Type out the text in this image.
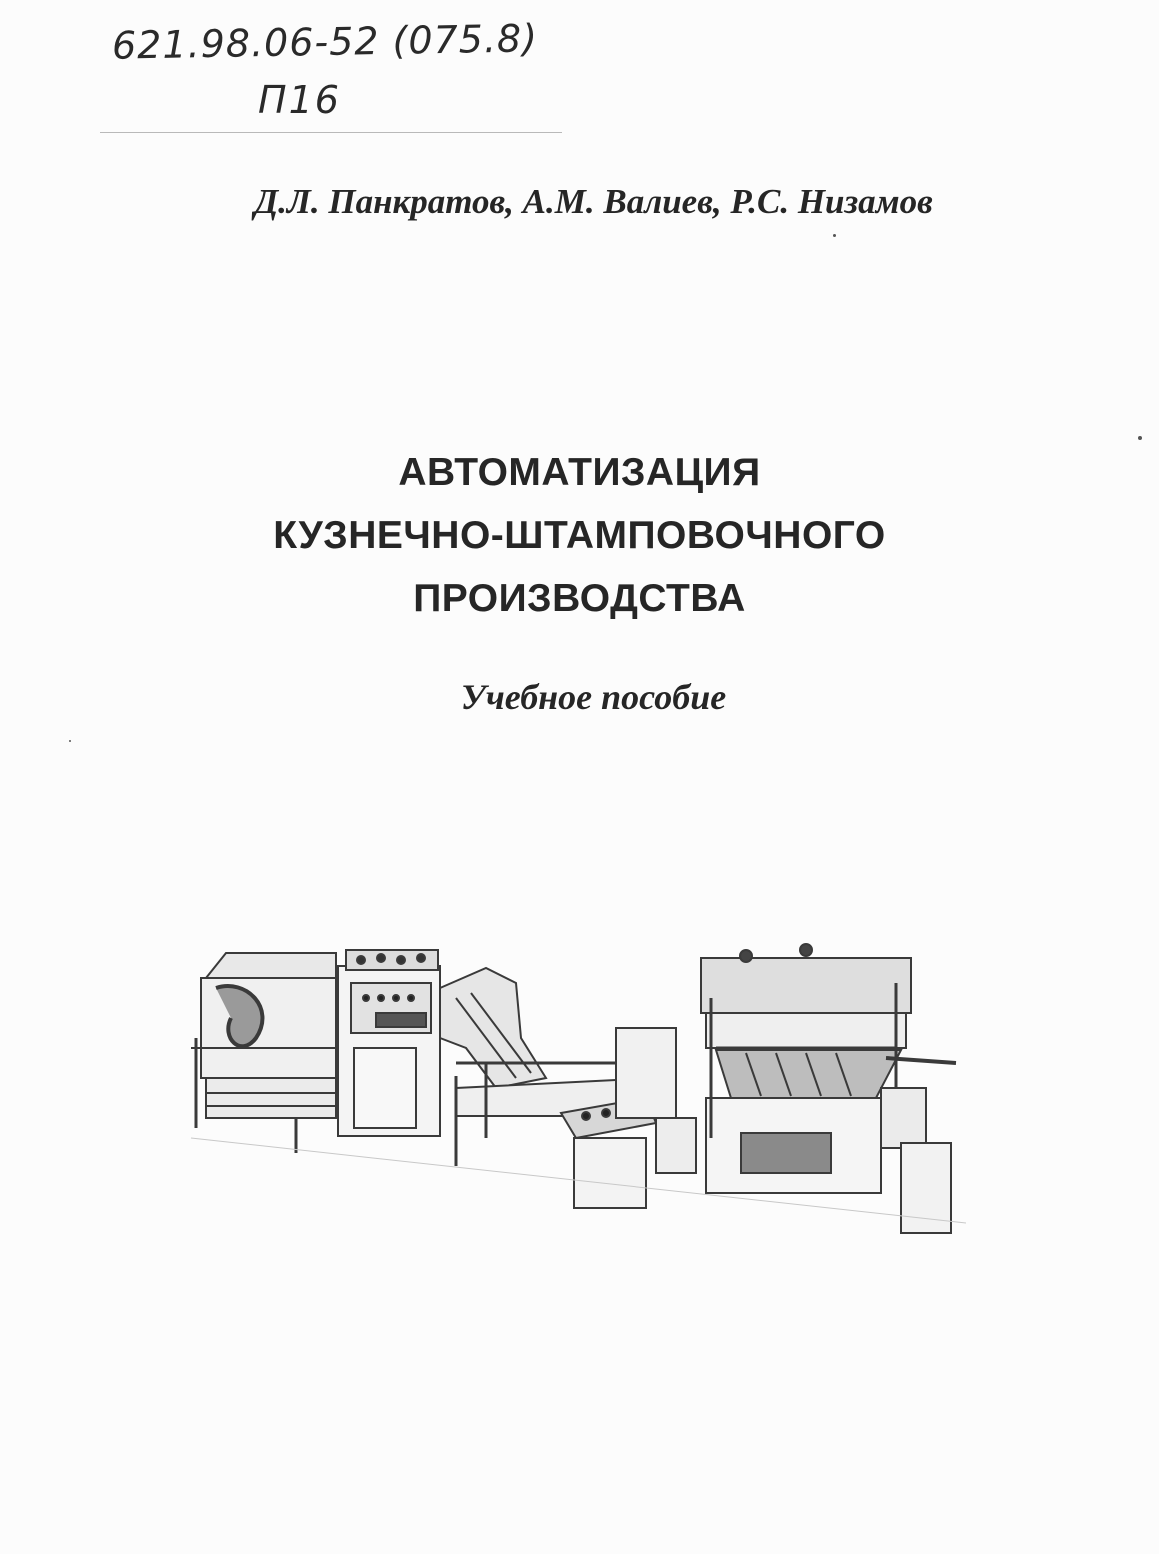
621.98.06-52 (075.8)
П16
Д.Л. Панкратов, А.М. Валиев, Р.С. Низамов
АВТОМАТИЗАЦИЯ
КУЗНЕЧНО-ШТАМПОВОЧНОГО
ПРОИЗВОДСТВА
Учебное пособие
